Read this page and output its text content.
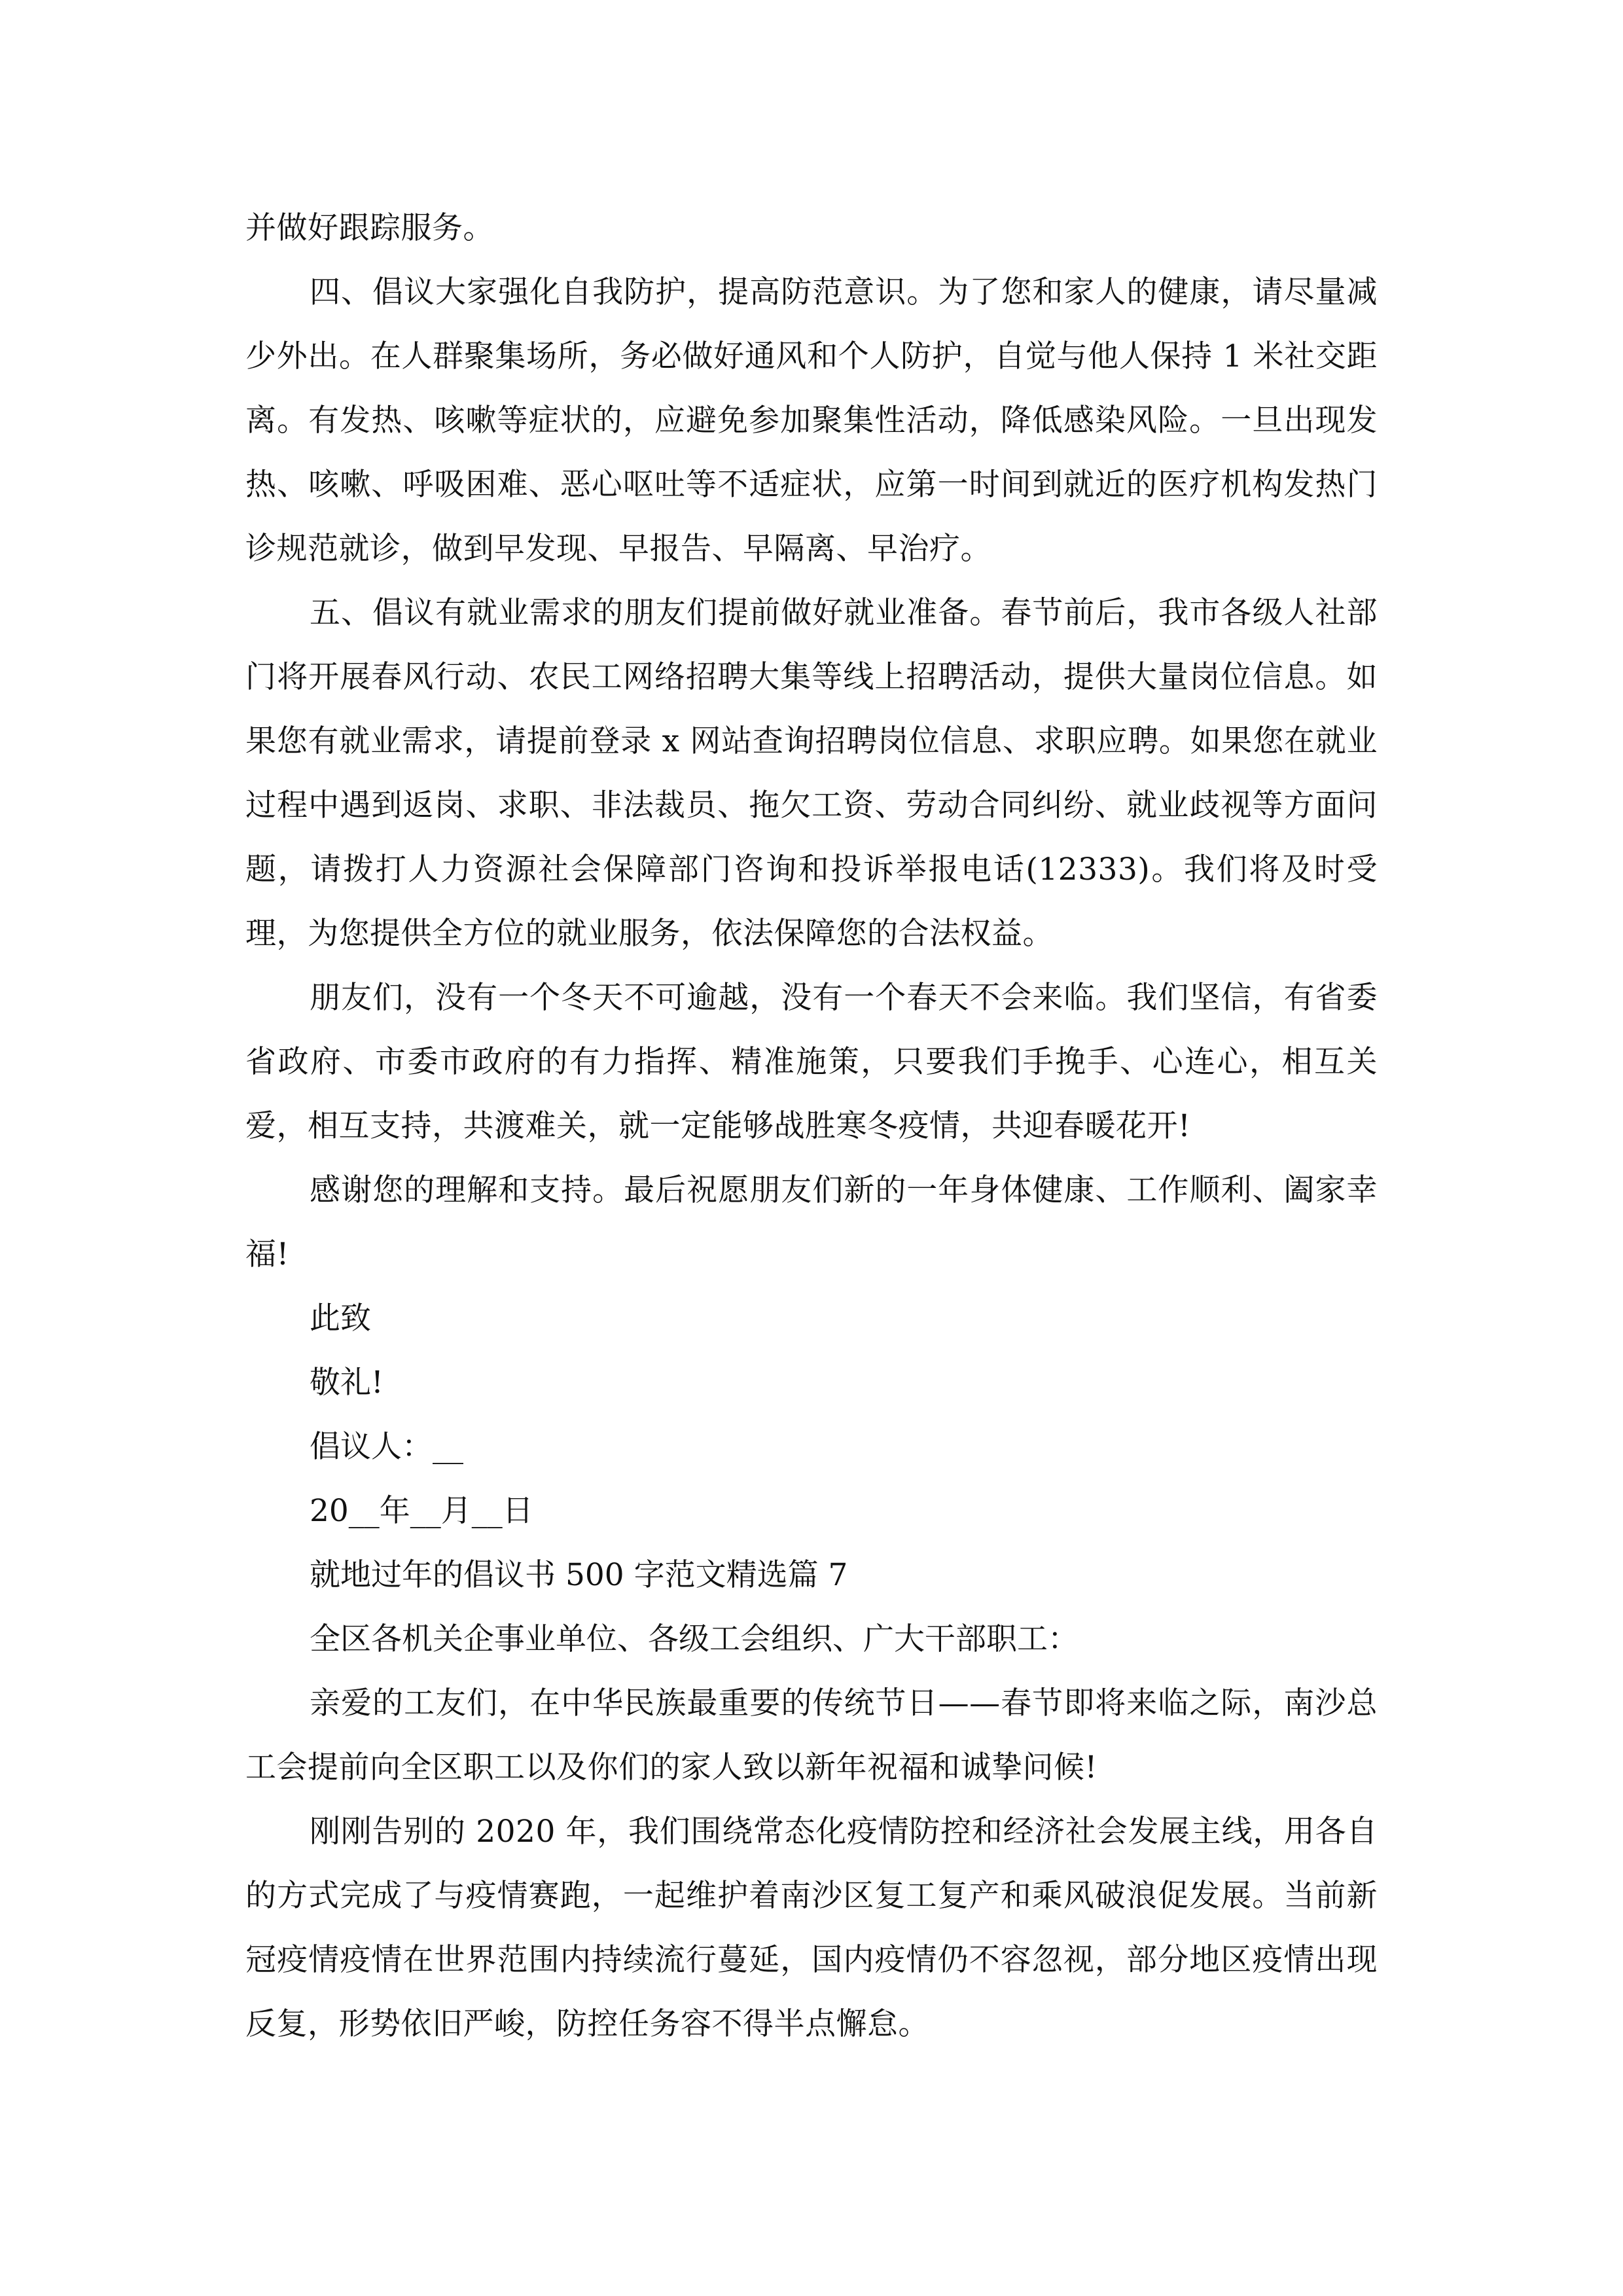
并做好跟踪服务。

四、倡议大家强化自我防护，提高防范意识。为了您和家人的健康，请尽量减少外出。在人群聚集场所，务必做好通风和个人防护，自觉与他人保持 1 米社交距离。有发热、咳嗽等症状的，应避免参加聚集性活动，降低感染风险。一旦出现发热、咳嗽、呼吸困难、恶心呕吐等不适症状，应第一时间到就近的医疗机构发热门诊规范就诊，做到早发现、早报告、早隔离、早治疗。

五、倡议有就业需求的朋友们提前做好就业准备。春节前后，我市各级人社部门将开展春风行动、农民工网络招聘大集等线上招聘活动，提供大量岗位信息。如果您有就业需求，请提前登录 x 网站查询招聘岗位信息、求职应聘。如果您在就业过程中遇到返岗、求职、非法裁员、拖欠工资、劳动合同纠纷、就业歧视等方面问题，请拨打人力资源社会保障部门咨询和投诉举报电话(12333)。我们将及时受理，为您提供全方位的就业服务，依法保障您的合法权益。

朋友们，没有一个冬天不可逾越，没有一个春天不会来临。我们坚信，有省委省政府、市委市政府的有力指挥、精准施策，只要我们手挽手、心连心，相互关爱，相互支持，共渡难关，就一定能够战胜寒冬疫情，共迎春暖花开!

感谢您的理解和支持。最后祝愿朋友们新的一年身体健康、工作顺利、阖家幸福!

此致

敬礼!

倡议人：__

20__年__月__日

就地过年的倡议书 500 字范文精选篇 7

全区各机关企事业单位、各级工会组织、广大干部职工：

亲爱的工友们，在中华民族最重要的传统节日——春节即将来临之际，南沙总工会提前向全区职工以及你们的家人致以新年祝福和诚挚问候!

刚刚告别的 2020 年，我们围绕常态化疫情防控和经济社会发展主线，用各自的方式完成了与疫情赛跑，一起维护着南沙区复工复产和乘风破浪促发展。当前新冠疫情疫情在世界范围内持续流行蔓延，国内疫情仍不容忽视，部分地区疫情出现反复，形势依旧严峻，防控任务容不得半点懈怠。
